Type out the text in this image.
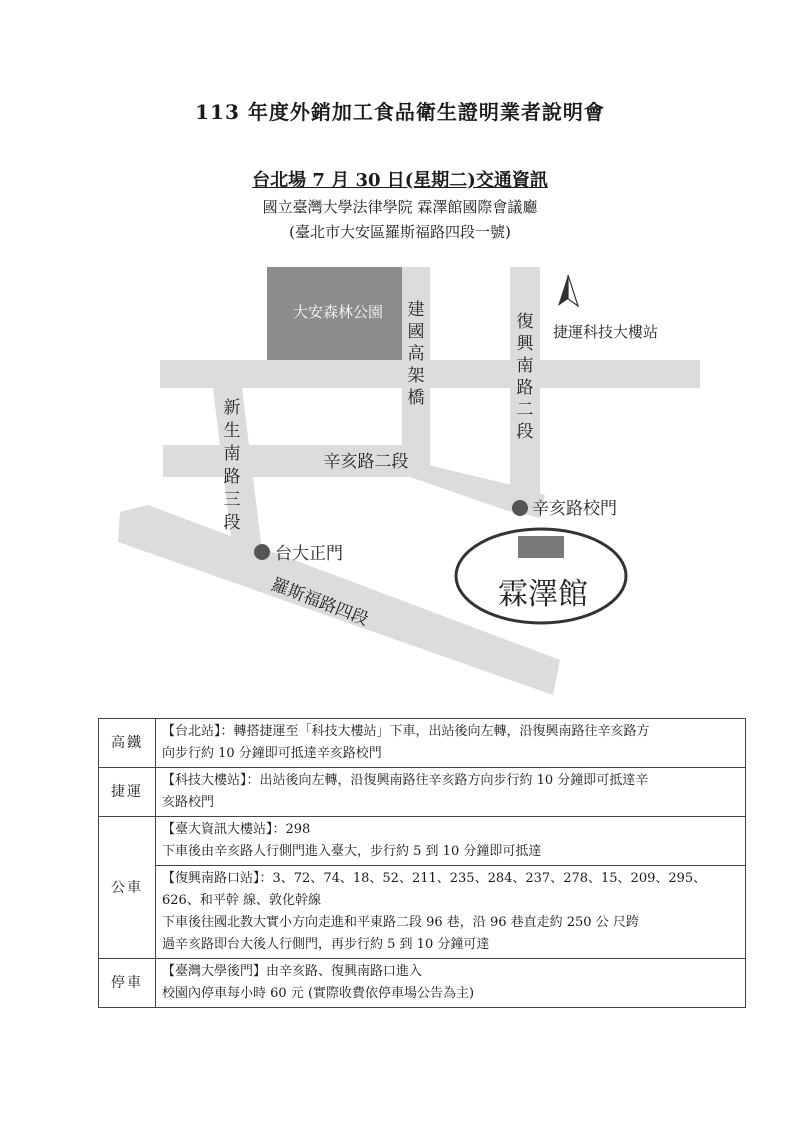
113 年度外銷加工食品衛生證明業者說明會
台北場 7 月 30 日(星期二)交通資訊
國立臺灣大學法律學院 霖澤館國際會議廳
(臺北市大安區羅斯福路四段一號)
大安森林公園 建
國
高
架
橋
復
興
南
路
二
段
新
生
南
路
三
段
辛亥路二段
羅斯福路四段
捷運科技大樓站
辛亥路校門
台大正門
霖澤館
高鐵	【台北站】：轉搭捷運至「科技大樓站」下車，出站後向左轉，沿復興南路往辛亥路方
向步行約 10 分鐘即可抵達辛亥路校門

捷運	【科技大樓站】：出站後向左轉，沿復興南路往辛亥路方向步行約 10 分鐘即可抵達辛
亥路校門

公車	【臺大資訊大樓站】：298
下車後由辛亥路人行側門進入臺大，步行約 5 到 10 分鐘即可抵達

	【復興南路口站】：3、72、74、18、52、211、235、284、237、278、15、209、295、
626、和平幹 線、敦化幹線
下車後往國北教大實小方向走進和平東路二段 96 巷，沿 96 巷直走約 250 公 尺跨
過辛亥路即台大後人行側門，再步行約 5 到 10 分鐘可達

停車	【臺灣大學後門】由辛亥路、復興南路口進入
校園內停車每小時 60 元 (實際收費依停車場公告為主)
